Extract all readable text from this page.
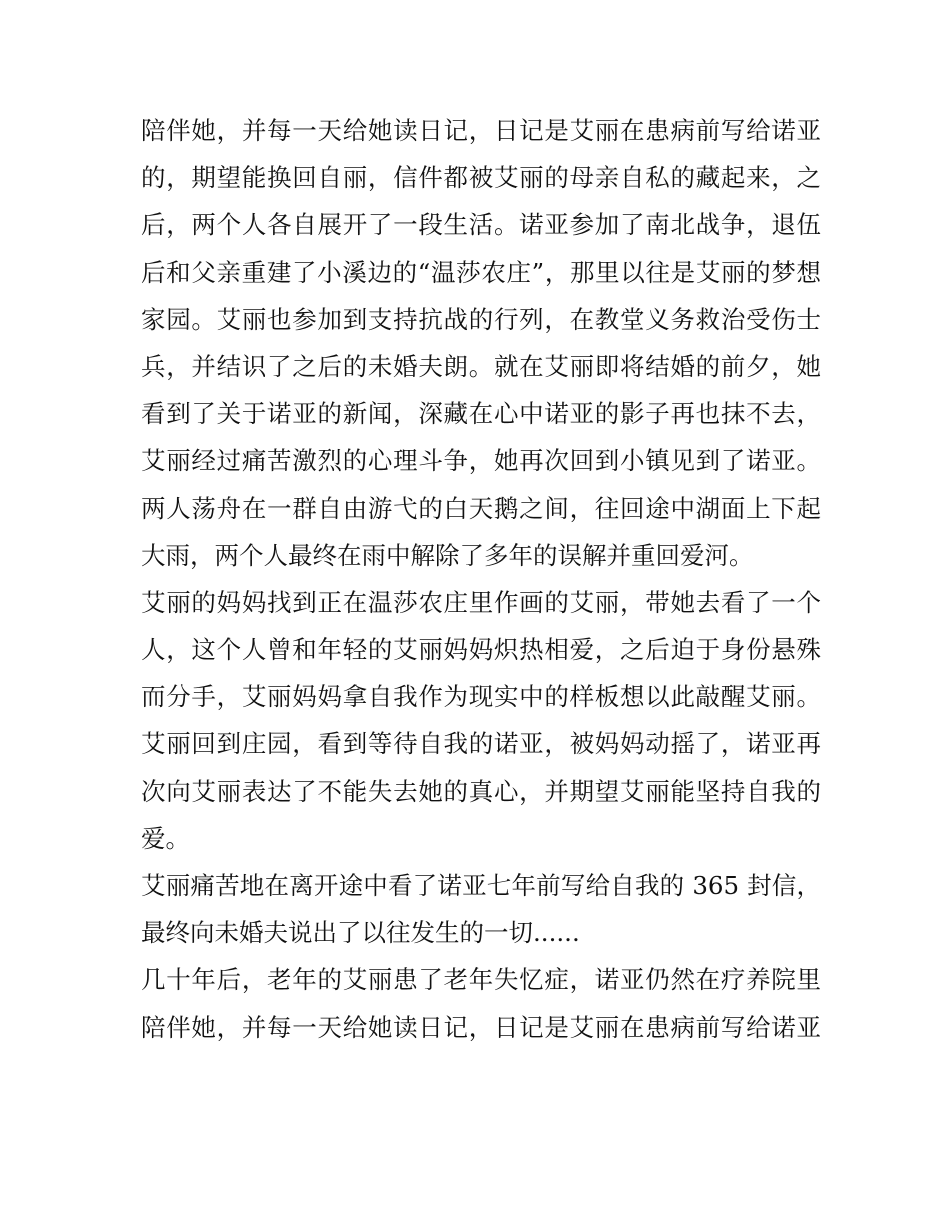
陪伴她，并每一天给她读日记，日记是艾丽在患病前写给诺亚
的，期望能换回自丽，信件都被艾丽的母亲自私的藏起来，之
后，两个人各自展开了一段生活。诺亚参加了南北战争，退伍
后和父亲重建了小溪边的“温莎农庄”，那里以往是艾丽的梦想
家园。艾丽也参加到支持抗战的行列，在教堂义务救治受伤士
兵，并结识了之后的未婚夫朗。就在艾丽即将结婚的前夕，她
看到了关于诺亚的新闻，深藏在心中诺亚的影子再也抹不去，
艾丽经过痛苦激烈的心理斗争，她再次回到小镇见到了诺亚。
两人荡舟在一群自由游弋的白天鹅之间，往回途中湖面上下起
大雨，两个人最终在雨中解除了多年的误解并重回爱河。
艾丽的妈妈找到正在温莎农庄里作画的艾丽，带她去看了一个
人，这个人曾和年轻的艾丽妈妈炽热相爱，之后迫于身份悬殊
而分手，艾丽妈妈拿自我作为现实中的样板想以此敲醒艾丽。
艾丽回到庄园，看到等待自我的诺亚，被妈妈动摇了，诺亚再
次向艾丽表达了不能失去她的真心，并期望艾丽能坚持自我的
爱。
艾丽痛苦地在离开途中看了诺亚七年前写给自我的 365 封信，
最终向未婚夫说出了以往发生的一切......
几十年后，老年的艾丽患了老年失忆症，诺亚仍然在疗养院里
陪伴她，并每一天给她读日记，日记是艾丽在患病前写给诺亚
